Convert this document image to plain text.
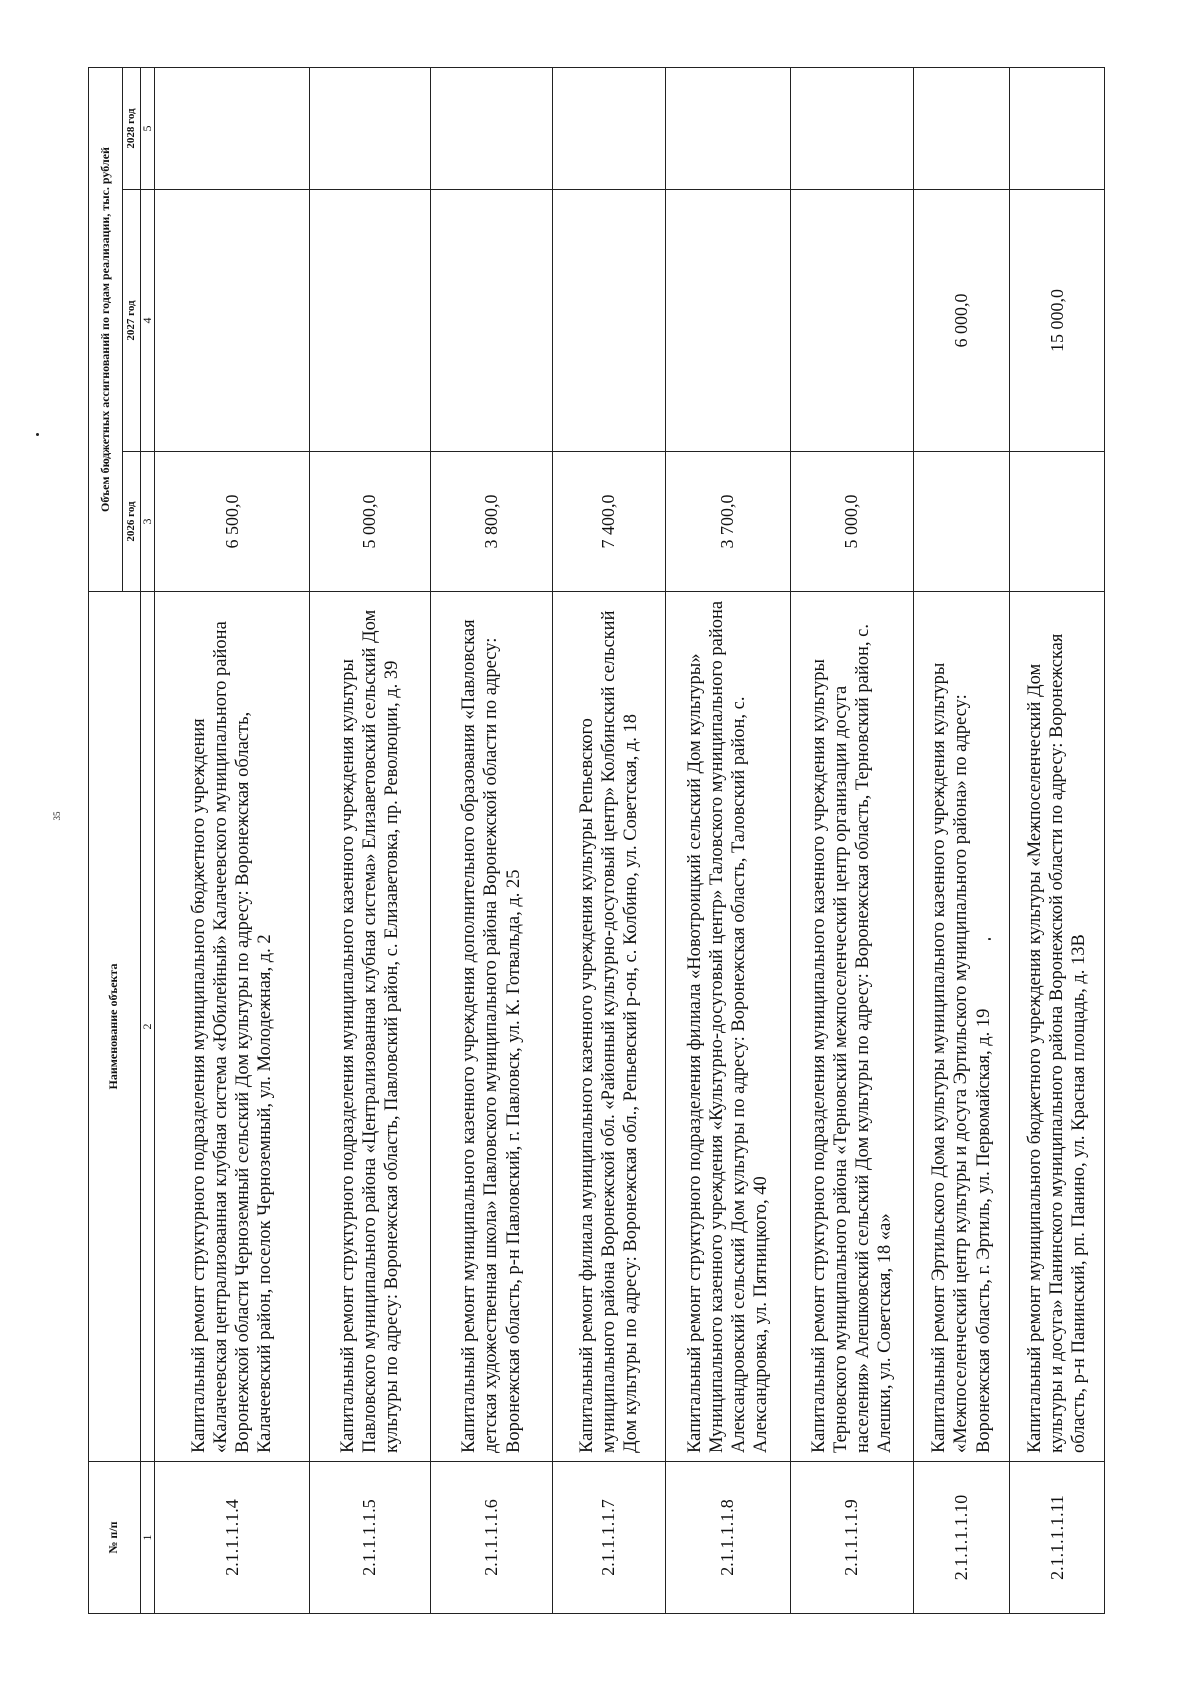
35
№ п/п	Наименование объекта	Объем бюджетных ассигнований по годам реализации, тыс. рублей		
		2026 год	2027 год	2028 год
1	2	3	4	5
2.1.1.1.1.4	Капитальный ремонт структурного подразделения муниципального бюджетного учреждения «Калачеевская централизованная клубная система «Юбилейный» Калачеевского муниципального района Воронежской области Черноземный сельский Дом культуры по адресу: Воронежская область, Калачеевский район, поселок Черноземный, ул. Молодежная, д. 2	6 500,0		
2.1.1.1.1.5	Капитальный ремонт структурного подразделения муниципального казенного учреждения культуры Павловского муниципального района «Централизованная клубная система» Елизаветовский сельский Дом культуры по адресу: Воронежская область, Павловский район, с. Елизаветовка, пр. Революции, д. 39	5 000,0		
2.1.1.1.1.6	Капитальный ремонт муниципального казенного учреждения дополнительного образования «Павловская детская художественная школа» Павловского муниципального района Воронежской области по адресу: Воронежская область, р-н Павловский, г. Павловск, ул. К. Готвальда, д. 25	3 800,0		
2.1.1.1.1.7	Капитальный ремонт филиала муниципального казенного учреждения культуры Репьевского муниципального района Воронежской обл. «Районный культурно-досуговый центр» Колбинский сельский Дом культуры по адресу: Воронежская обл., Репьевский р-он, с. Колбино, ул. Советская, д. 18	7 400,0		
2.1.1.1.1.8	Капитальный ремонт структурного подразделения филиала «Новотроицкий сельский Дом культуры» Муниципального казенного учреждения «Культурно-досуговый центр» Таловского муниципального района Александровский сельский Дом культуры по адресу: Воронежская область, Таловский район, с. Александровка, ул. Пятницкого, 40	3 700,0		
2.1.1.1.1.9	Капитальный ремонт структурного подразделения муниципального казенного учреждения культуры Терновского муниципального района «Терновский межпоселенческий центр организации досуга населения» Алешковский сельский Дом культуры по адресу: Воронежская область, Терновский район, с. Алешки, ул. Советская, 18 «а»	5 000,0		
2.1.1.1.1.10	Капитальный ремонт Эртильского Дома культуры муниципального казенного учреждения культуры «Межпоселенческий центр культуры и досуга Эртильского муниципального района» по адресу: Воронежская область, г. Эртиль, ул. Первомайская, д. 19		6 000,0	
2.1.1.1.1.11	Капитальный ремонт муниципального бюджетного учреждения культуры «Межпоселенческий Дом культуры и досуга» Панинского муниципального района Воронежской области по адресу: Воронежская область, р-н Панинский, рп. Панино, ул. Красная площадь, д. 13В		15 000,0	
